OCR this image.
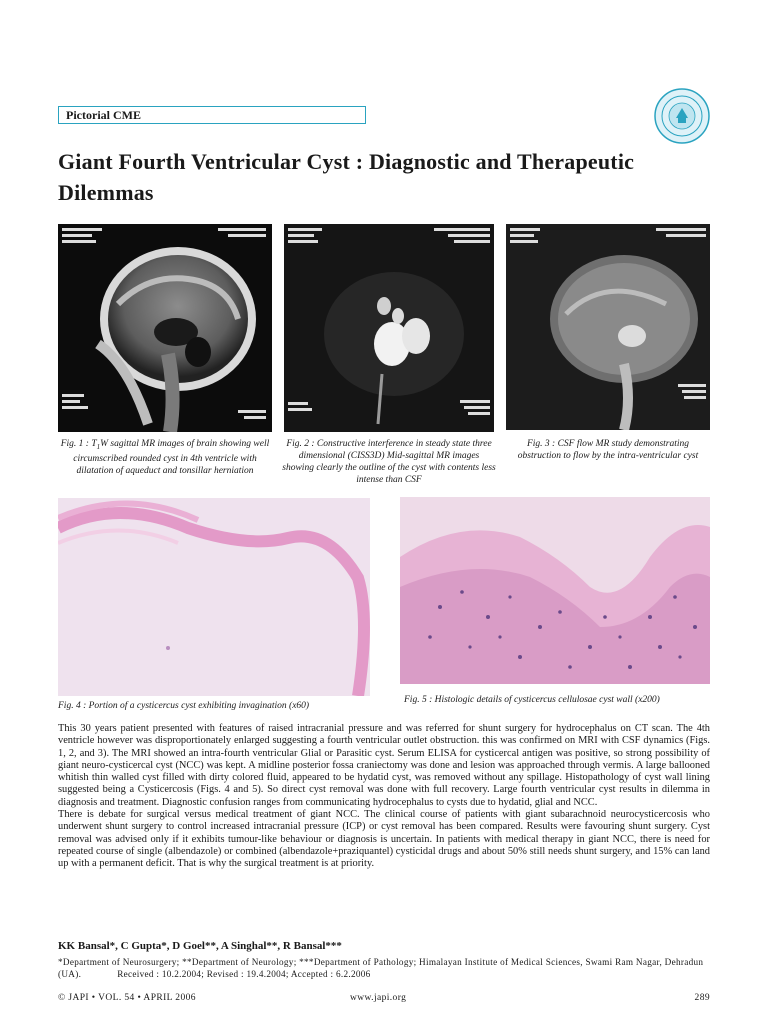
Pictorial CME
Giant Fourth Ventricular Cyst : Diagnostic and Therapeutic Dilemmas

Fig. 1 : $T_1W$ sagittal MR images of brain showing well circumscribed rounded cyst in 4th ventricle with dilatation of aqueduct and tonsillar herniation

Fig. 2 : Constructive interference in steady state three dimensional (CISS3D) Mid-sagittal MR images showing clearly the outline of the cyst with contents less intense than CSF

Fig. 3 : CSF flow MR study demonstrating obstruction to flow by the intra-ventricular cyst

Fig. 4 : Portion of a cysticercus cyst exhibiting invagination (x60)

Fig. 5 : Histologic details of cysticercus cellulosae cyst wall (x200)

This 30 years patient presented with features of raised intracranial pressure and was referred for shunt surgery for hydrocephalus on CT scan. The 4th ventricle however was disproportionately enlarged suggesting a fourth ventricular outlet obstruction. this was confirmed on MRI with CSF dynamics (Figs. 1, 2, and 3). The MRI showed an intra-fourth ventricular Glial or Parasitic cyst. Serum ELISA for cysticercal antigen was positive, so strong possibility of giant neuro-cysticercal cyst (NCC) was kept. A midline posterior fossa craniectomy was done and lesion was approached through vermis. A large ballooned whitish thin walled cyst filled with dirty colored fluid, appeared to be hydatid cyst, was removed without any spillage. Histopathology of cyst wall lining suggested being a Cysticercosis (Figs. 4 and 5). So direct cyst removal was done with full recovery. Large fourth ventricular cyst results in dilemma in diagnosis and treatment. Diagnostic confusion ranges from communicating hydrocephalus to cysts due to hydatid, glial and NCC.

There is debate for surgical versus medical treatment of giant NCC. The clinical course of patients with giant subarachnoid neurocysticercosis who underwent shunt surgery to control increased intracranial pressure (ICP) or cyst removal has been compared. Results were favouring shunt surgery. Cyst removal was advised only if it exhibits tumour-like behaviour or diagnosis is uncertain. In patients with medical therapy in giant NCC, there is need for repeated course of single (albendazole) or combined (albendazole+praziquantel) cysticidal drugs and about 50% still needs shunt surgery, and 15% can land up with a permanent deficit. That is why the surgical treatment is at priority.

KK Bansal*, C Gupta*, D Goel**, A Singhal**, R Bansal***

*Department of Neurosurgery; **Department of Neurology; ***Department of Pathology; Himalayan Institute of Medical Sciences, Swami Ram Nagar, Dehradun (UA).	Received : 10.2.2004; Revised : 19.4.2004; Accepted : 6.2.2006

© JAPI • VOL. 54 • APRIL 2006	www.japi.org	289
